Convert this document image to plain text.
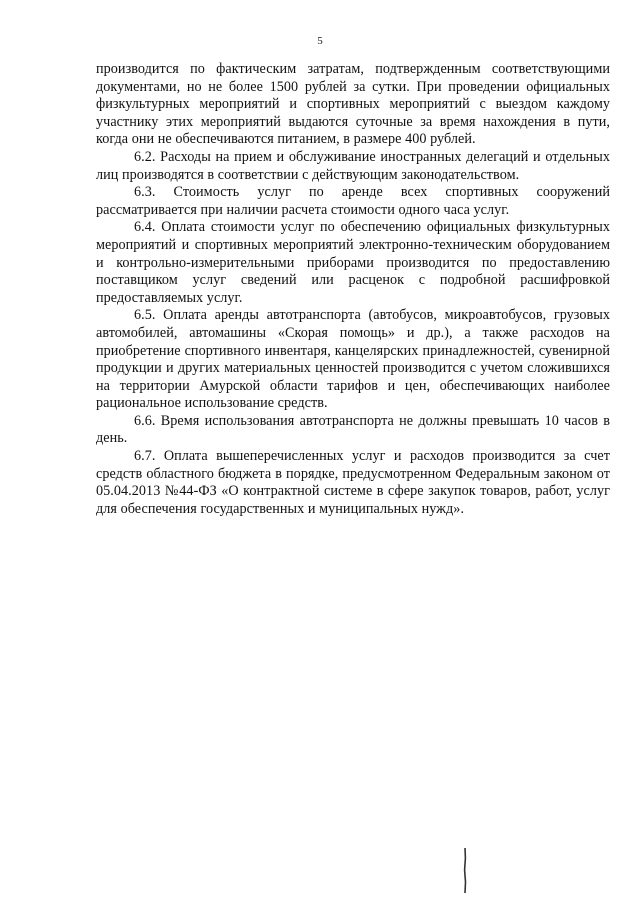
5

производится по фактическим затратам, подтвержденным соответствующими документами, но не более 1500 рублей за сутки. При проведении официальных физкультурных мероприятий и спортивных мероприятий с выездом каждому участнику этих мероприятий выдаются суточные за время нахождения в пути, когда они не обеспечиваются питанием, в размере 400 рублей.

6.2. Расходы на прием и обслуживание иностранных делегаций и отдельных лиц производятся в соответствии с действующим законодательством.

6.3. Стоимость услуг по аренде всех спортивных сооружений рассматривается при наличии расчета стоимости одного часа услуг.

6.4. Оплата стоимости услуг по обеспечению официальных физкультурных мероприятий и спортивных мероприятий электронно-техническим оборудованием и контрольно-измерительными приборами производится по предоставлению поставщиком услуг сведений или расценок с подробной расшифровкой предоставляемых услуг.

6.5. Оплата аренды автотранспорта (автобусов, микроавтобусов, грузовых автомобилей, автомашины «Скорая помощь» и др.), а также расходов на приобретение спортивного инвентаря, канцелярских принадлежностей, сувенирной продукции и других материальных ценностей производится с учетом сложившихся на территории Амурской области тарифов и цен, обеспечивающих наиболее рациональное использование средств.

6.6. Время использования автотранспорта не должны превышать 10 часов в день.

6.7. Оплата вышеперечисленных услуг и расходов производится за счет средств областного бюджета в порядке, предусмотренном Федеральным законом от 05.04.2013 №44-ФЗ «О контрактной системе в сфере закупок товаров, работ, услуг для обеспечения государственных и муниципальных нужд».
